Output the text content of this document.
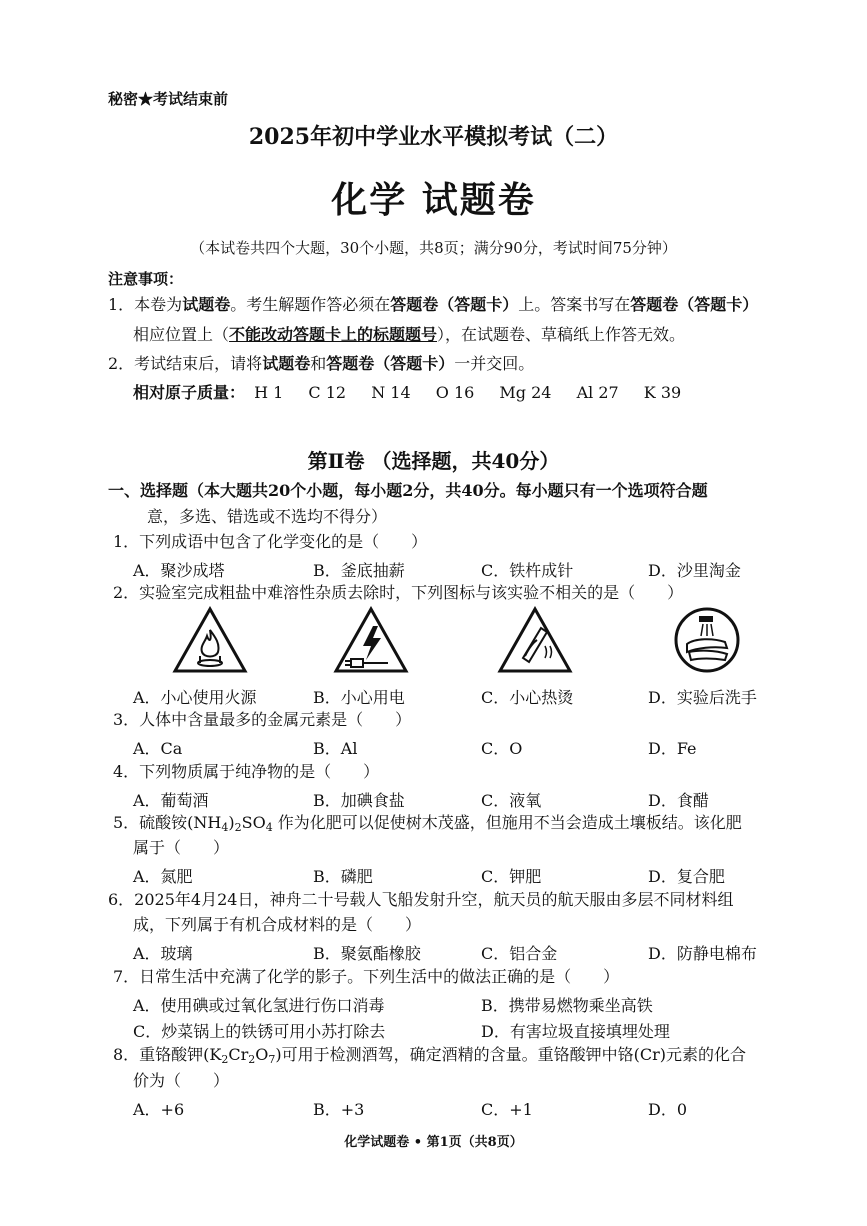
秘密★考试结束前
2025年初中学业水平模拟考试（二）
化学 试题卷
（本试卷共四个大题，30个小题，共8页；满分90分，考试时间75分钟）
注意事项：
1．本卷为试题卷。考生解题作答必须在答题卷（答题卡）上。答案书写在答题卷（答题卡）
相应位置上（不能改动答题卡上的标题题号），在试题卷、草稿纸上作答无效。
2．考试结束后，请将试题卷和答题卷（答题卡）一并交回。
相对原子质量： H 1 C 12 N 14 O 16 Mg 24 Al 27 K 39
第Ⅱ卷 （选择题，共40分）
一、选择题（本大题共20个小题，每小题2分，共40分。每小题只有一个选项符合题
意，多选、错选或不选均不得分）
1．下列成语中包含了化学变化的是（　　）
A．聚沙成塔	B．釜底抽薪	C．铁杵成针	D．沙里淘金
2．实验室完成粗盐中难溶性杂质去除时，下列图标与该实验不相关的是（　　）
A．小心使用火源	B．小心用电	C．小心热烫	D．实验后洗手
3．人体中含量最多的金属元素是（　　）
A．Ca	B．Al	C．O	D．Fe
4．下列物质属于纯净物的是（　　）
A．葡萄酒	B．加碘食盐	C．液氧	D．食醋
5．硫酸铵$(NH_4)_2SO_4$ 作为化肥可以促使树木茂盛，但施用不当会造成土壤板结。该化肥
属于（　　）
A．氮肥	B．磷肥	C．钾肥	D．复合肥
6．2025年4月24日，神舟二十号载人飞船发射升空，航天员的航天服由多层不同材料组
成，下列属于有机合成材料的是（　　）
A．玻璃	B．聚氨酯橡胶	C．铝合金	D．防静电棉布
7．日常生活中充满了化学的影子。下列生活中的做法正确的是（　　）
A．使用碘或过氧化氢进行伤口消毒	B．携带易燃物乘坐高铁
C．炒菜锅上的铁锈可用小苏打除去	D．有害垃圾直接填埋处理
8．重铬酸钾$(K_2Cr_2O_7)$可用于检测酒驾，确定酒精的含量。重铬酸钾中铬(Cr)元素的化合
价为（　　）
A．+6	B．+3	C．+1	D．0
化学试题卷 • 第1页（共8页）
